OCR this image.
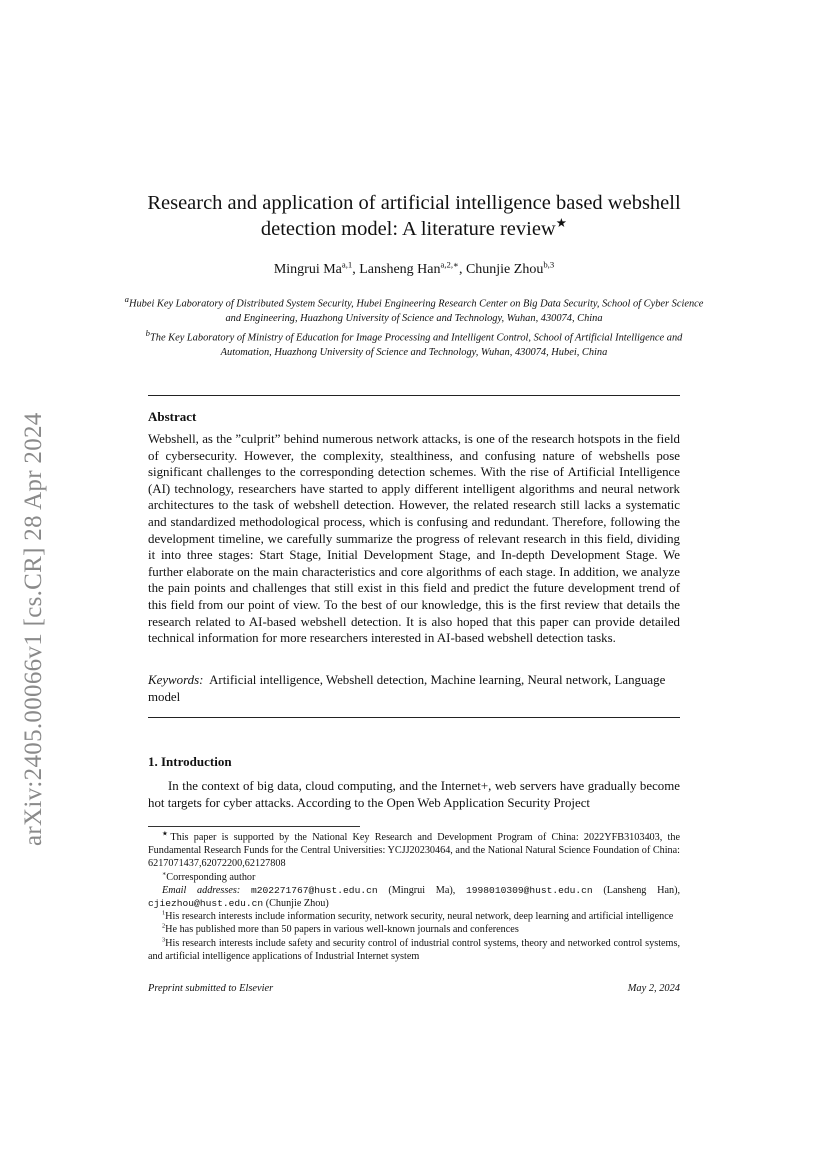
arXiv:2405.00066v1 [cs.CR] 28 Apr 2024
Research and application of artificial intelligence based webshell
detection model: A literature review★
Mingrui Ma$^{a,1}$, Lansheng Han$^{a,2,∗}$, Chunjie Zhou$^{b,3}$

$^a$Hubei Key Laboratory of Distributed System Security, Hubei Engineering Research Center on Big Data Security, School of Cyber Science and Engineering, Huazhong University of Science and Technology, Wuhan, 430074, China

$^b$The Key Laboratory of Ministry of Education for Image Processing and Intelligent Control, School of Artificial Intelligence and Automation, Huazhong University of Science and Technology, Wuhan, 430074, Hubei, China

Abstract

Webshell, as the ”culprit” behind numerous network attacks, is one of the research hotspots in the field of cybersecurity. However, the complexity, stealthiness, and confusing nature of webshells pose significant challenges to the corresponding detection schemes. With the rise of Artificial Intelligence (AI) technology, researchers have started to apply different intelligent algorithms and neural network architectures to the task of webshell detection. However, the related research still lacks a systematic and standardized methodological process, which is confusing and redundant. Therefore, following the development timeline, we carefully summarize the progress of relevant research in this field, dividing it into three stages: Start Stage, Initial Development Stage, and In-depth Development Stage. We further elaborate on the main characteristics and core algorithms of each stage. In addition, we analyze the pain points and challenges that still exist in this field and predict the future development trend of this field from our point of view. To the best of our knowledge, this is the first review that details the research related to AI-based webshell detection. It is also hoped that this paper can provide detailed technical information for more researchers interested in AI-based webshell detection tasks.

Keywords: Artificial intelligence, Webshell detection, Machine learning, Neural network, Language model

1. Introduction

In the context of big data, cloud computing, and the Internet+, web servers have gradually become hot targets for cyber attacks. According to the Open Web Application Security Project

★This paper is supported by the National Key Research and Development Program of China: 2022YFB3103403, the Fundamental Research Funds for the Central Universities: YCJJ20230464, and the National Natural Science Foundation of China: 6217071437,62072200,62127808

∗Corresponding author

Email addresses: m202271767@hust.edu.cn (Mingrui Ma), 1998010309@hust.edu.cn (Lansheng Han), cjiezhou@hust.edu.cn (Chunjie Zhou)

$^1$His research interests include information security, network security, neural network, deep learning and artificial intelligence

$^2$He has published more than 50 papers in various well-known journals and conferences

$^3$His research interests include safety and security control of industrial control systems, theory and networked control systems, and artificial intelligence applications of Industrial Internet system

Preprint submitted to Elsevier	May 2, 2024
